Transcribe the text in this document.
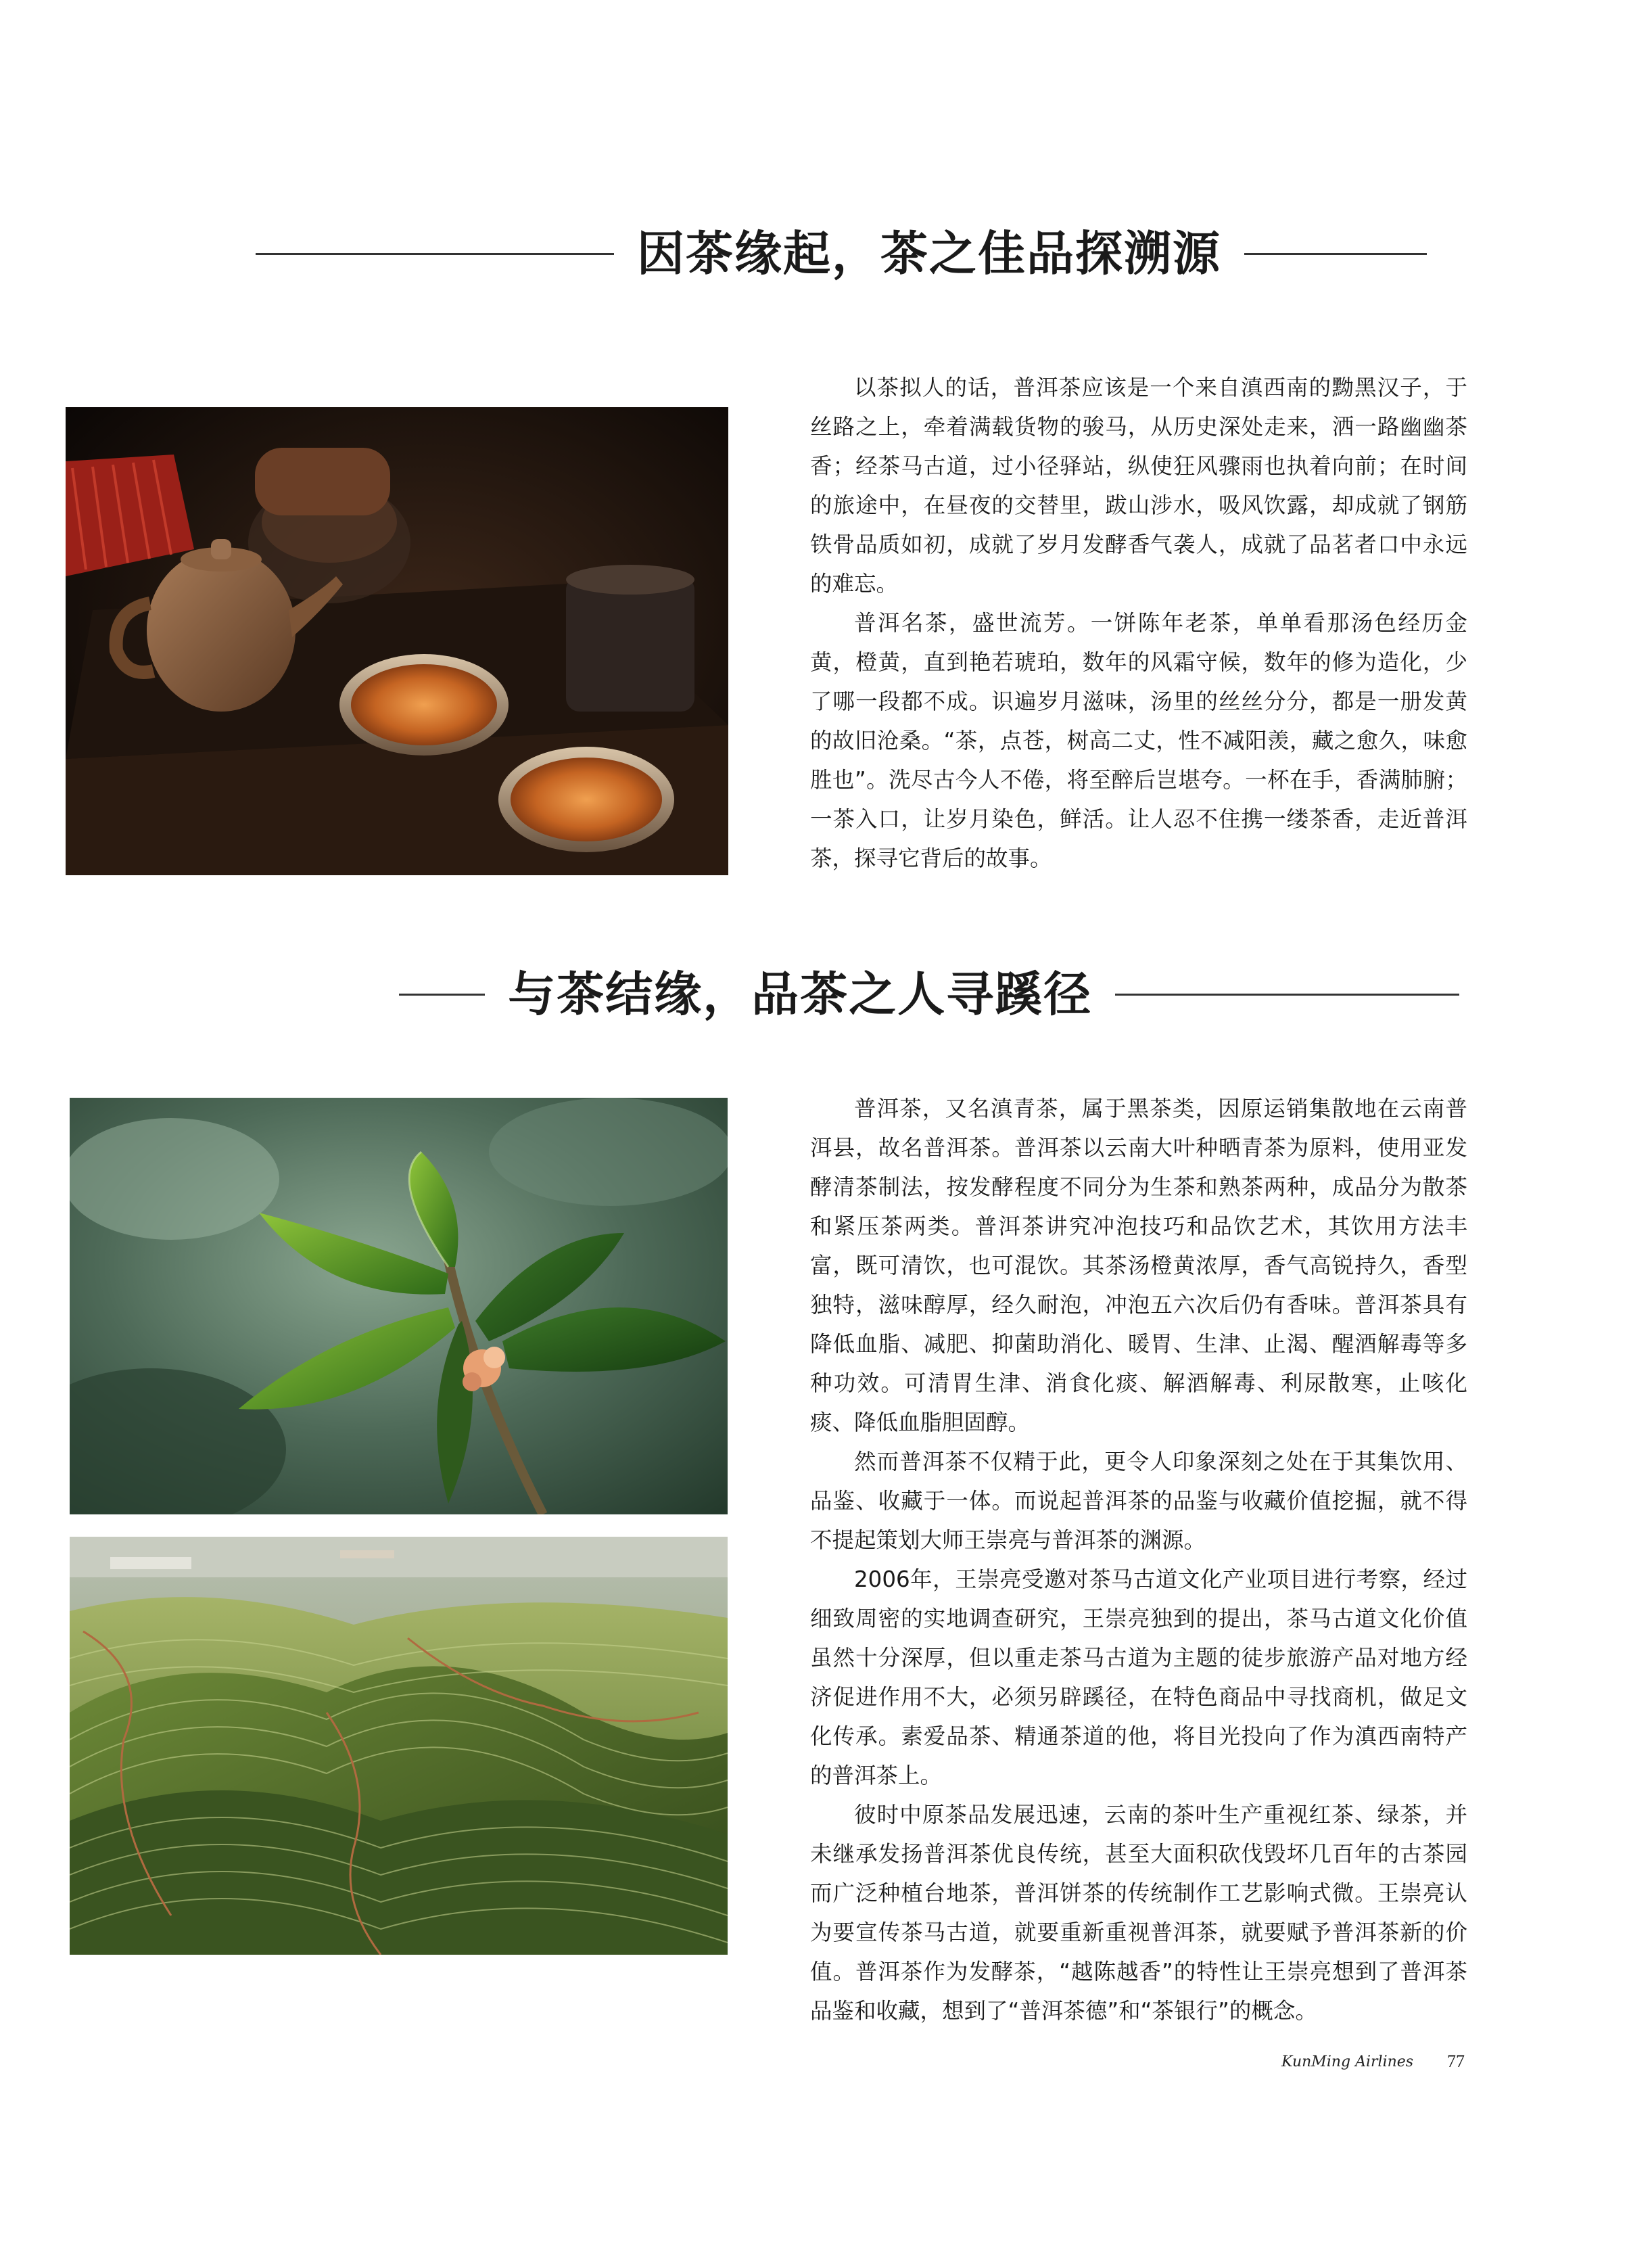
因茶缘起，茶之佳品探溯源

以茶拟人的话，普洱茶应该是一个来自滇西南的黝黑汉子，于丝路之上，牵着满载货物的骏马，从历史深处走来，洒一路幽幽茶香；经茶马古道，过小径驿站，纵使狂风骤雨也执着向前；在时间的旅途中，在昼夜的交替里，跋山涉水，吸风饮露，却成就了钢筋铁骨品质如初，成就了岁月发酵香气袭人，成就了品茗者口中永远的难忘。

普洱名茶，盛世流芳。一饼陈年老茶，单单看那汤色经历金黄，橙黄，直到艳若琥珀，数年的风霜守候，数年的修为造化，少了哪一段都不成。识遍岁月滋味，汤里的丝丝分分，都是一册发黄的故旧沧桑。“茶，点苍，树高二丈，性不减阳羡，藏之愈久，味愈胜也”。洗尽古今人不倦，将至醉后岂堪夸。一杯在手，香满肺腑；一茶入口，让岁月染色，鲜活。让人忍不住携一缕茶香，走近普洱茶，探寻它背后的故事。

与茶结缘，品茶之人寻蹊径

普洱茶，又名滇青茶，属于黑茶类，因原运销集散地在云南普洱县，故名普洱茶。普洱茶以云南大叶种晒青茶为原料，使用亚发酵清茶制法，按发酵程度不同分为生茶和熟茶两种，成品分为散茶和紧压茶两类。普洱茶讲究冲泡技巧和品饮艺术，其饮用方法丰富，既可清饮，也可混饮。其茶汤橙黄浓厚，香气高锐持久，香型独特，滋味醇厚，经久耐泡，冲泡五六次后仍有香味。普洱茶具有降低血脂、减肥、抑菌助消化、暖胃、生津、止渴、醒酒解毒等多种功效。可清胃生津、消食化痰、解酒解毒、利尿散寒，止咳化痰、降低血脂胆固醇。

然而普洱茶不仅精于此，更令人印象深刻之处在于其集饮用、品鉴、收藏于一体。而说起普洱茶的品鉴与收藏价值挖掘，就不得不提起策划大师王崇亮与普洱茶的渊源。

2006年，王崇亮受邀对茶马古道文化产业项目进行考察，经过细致周密的实地调查研究，王崇亮独到的提出，茶马古道文化价值虽然十分深厚，但以重走茶马古道为主题的徒步旅游产品对地方经济促进作用不大，必须另辟蹊径，在特色商品中寻找商机，做足文化传承。素爱品茶、精通茶道的他，将目光投向了作为滇西南特产的普洱茶上。

彼时中原茶品发展迅速，云南的茶叶生产重视红茶、绿茶，并未继承发扬普洱茶优良传统，甚至大面积砍伐毁坏几百年的古茶园而广泛种植台地茶，普洱饼茶的传统制作工艺影响式微。王崇亮认为要宣传茶马古道，就要重新重视普洱茶，就要赋予普洱茶新的价值。普洱茶作为发酵茶，“越陈越香”的特性让王崇亮想到了普洱茶品鉴和收藏，想到了“普洱茶德”和“茶银行”的概念。

KunMing Airlines 77
